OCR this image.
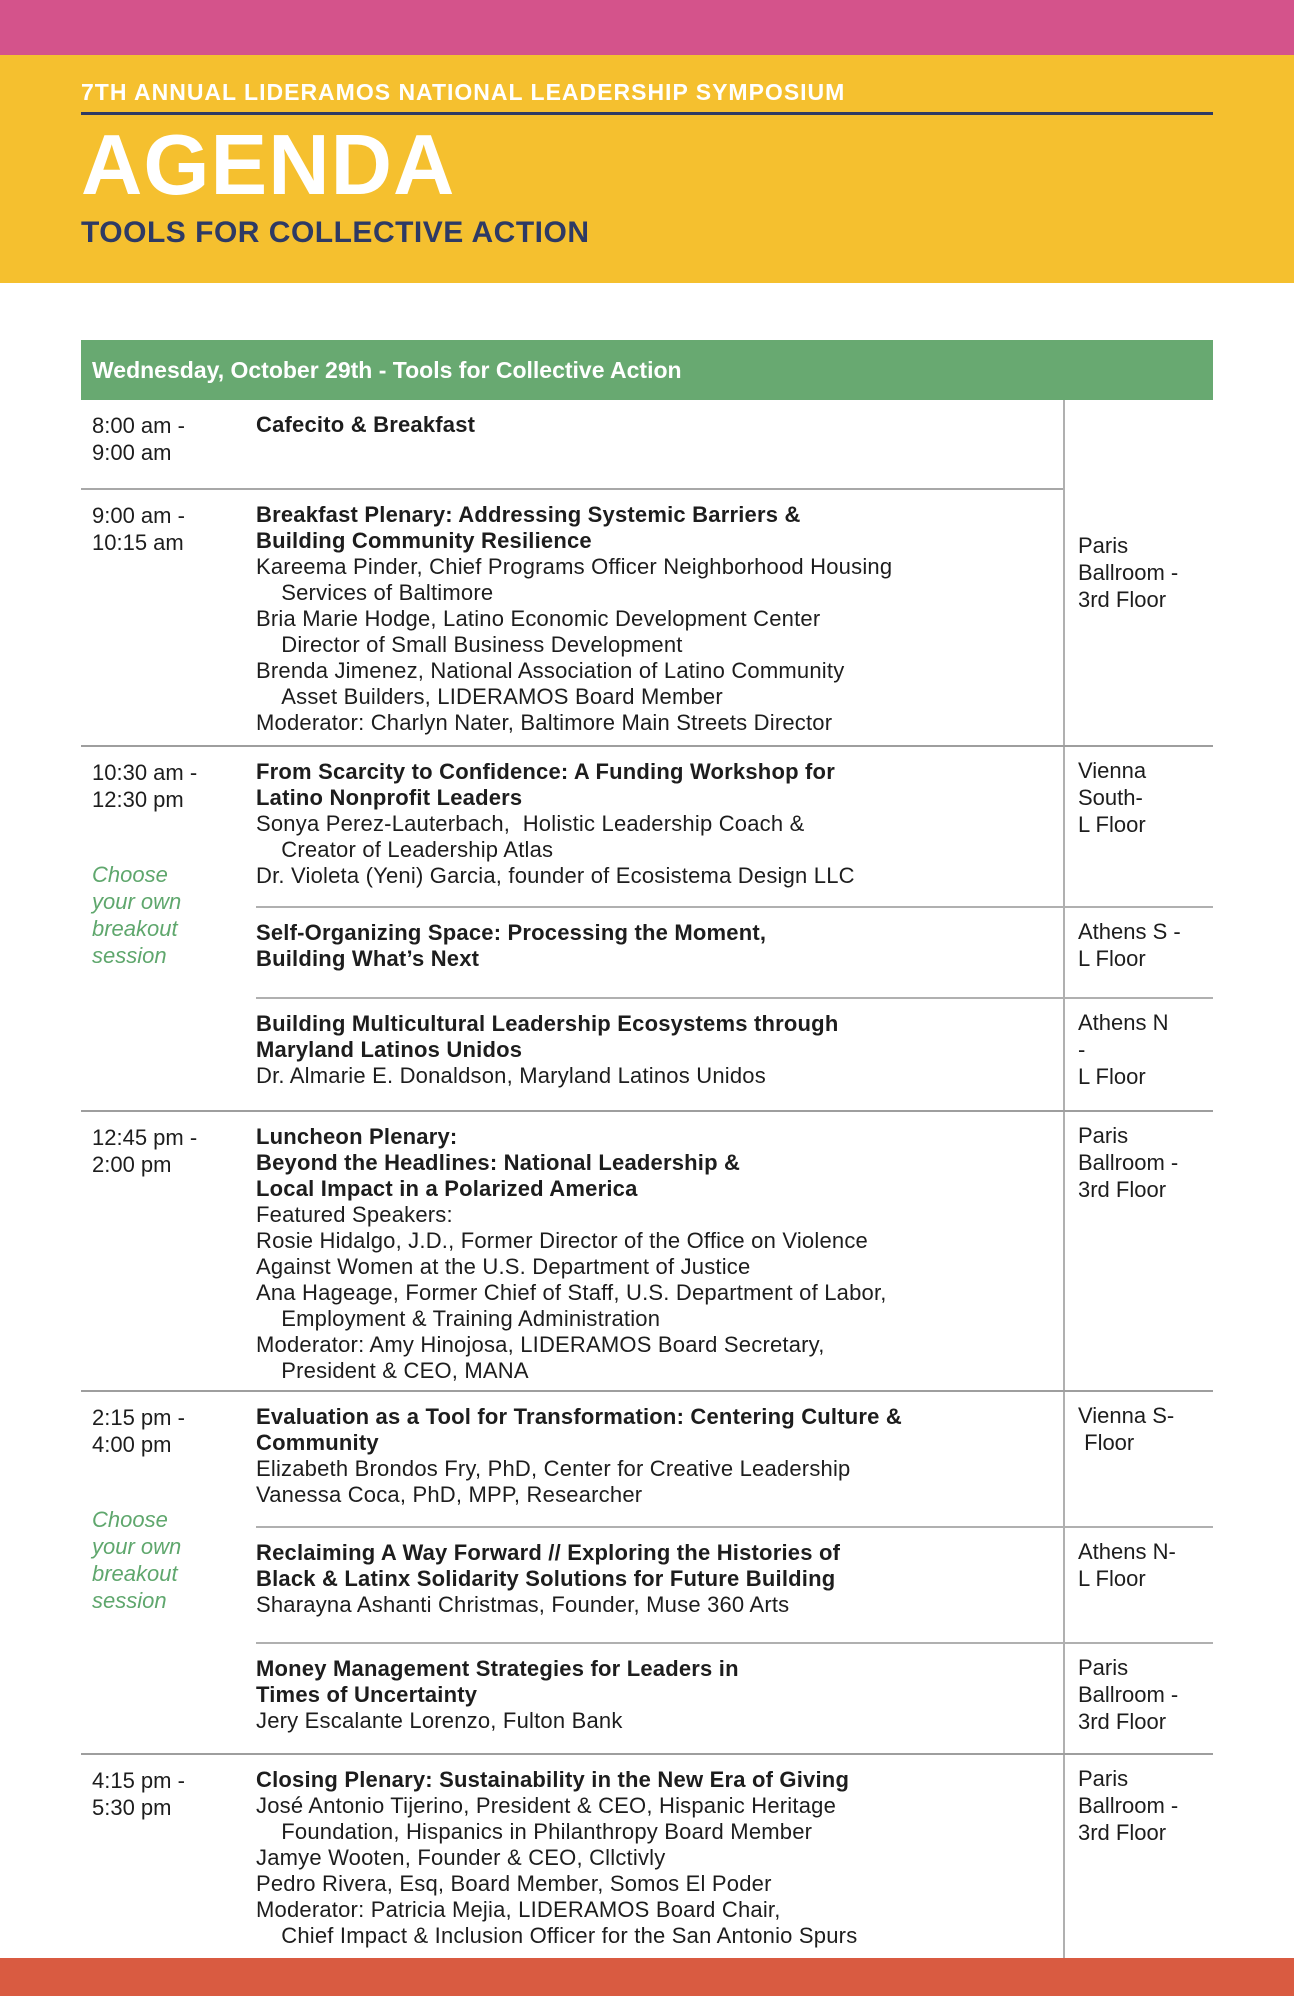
7TH ANNUAL LIDERAMOS NATIONAL LEADERSHIP SYMPOSIUM
AGENDA
TOOLS FOR COLLECTIVE ACTION
Wednesday, October 29th - Tools for Collective Action
8:00 am -
9:00 am
Cafecito & Breakfast
9:00 am -
10:15 am
Breakfast Plenary: Addressing Systemic Barriers &
Building Community Resilience
Kareema Pinder, Chief Programs Officer Neighborhood Housing
Services of Baltimore
Bria Marie Hodge, Latino Economic Development Center
Director of Small Business Development
Brenda Jimenez, National Association of Latino Community
Asset Builders, LIDERAMOS Board Member
Moderator: Charlyn Nater, Baltimore Main Streets Director
Paris
Ballroom -
3rd Floor
10:30 am -
12:30 pm
Choose
your own
breakout
session
From Scarcity to Confidence: A Funding Workshop for
Latino Nonprofit Leaders
Sonya Perez-Lauterbach,  Holistic Leadership Coach &
Creator of Leadership Atlas
Dr. Violeta (Yeni) Garcia, founder of Ecosistema Design LLC
Vienna
South-
L Floor
Self-Organizing Space: Processing the Moment,
Building What’s Next
Athens S -
L Floor
Building Multicultural Leadership Ecosystems through
Maryland Latinos Unidos
Dr. Almarie E. Donaldson, Maryland Latinos Unidos
Athens N
-
L Floor
12:45 pm -
2:00 pm
Luncheon Plenary:
Beyond the Headlines: National Leadership &
Local Impact in a Polarized America
Featured Speakers:
Rosie Hidalgo, J.D., Former Director of the Office on Violence
Against Women at the U.S. Department of Justice
Ana Hageage, Former Chief of Staff, U.S. Department of Labor,
Employment & Training Administration
Moderator: Amy Hinojosa, LIDERAMOS Board Secretary,
President & CEO, MANA
Paris
Ballroom -
3rd Floor
2:15 pm -
4:00 pm
Choose
your own
breakout
session
Evaluation as a Tool for Transformation: Centering Culture &
Community
Elizabeth Brondos Fry, PhD, Center for Creative Leadership
Vanessa Coca, PhD, MPP, Researcher
Vienna S-
Floor
Reclaiming A Way Forward // Exploring the Histories of
Black & Latinx Solidarity Solutions for Future Building
Sharayna Ashanti Christmas, Founder, Muse 360 Arts
Athens N-
L Floor
Money Management Strategies for Leaders in
Times of Uncertainty
Jery Escalante Lorenzo, Fulton Bank
Paris
Ballroom -
3rd Floor
4:15 pm -
5:30 pm
Closing Plenary: Sustainability in the New Era of Giving
José Antonio Tijerino, President & CEO, Hispanic Heritage
Foundation, Hispanics in Philanthropy Board Member
Jamye Wooten, Founder & CEO, Cllctivly
Pedro Rivera, Esq, Board Member, Somos El Poder
Moderator: Patricia Mejia, LIDERAMOS Board Chair,
Chief Impact & Inclusion Officer for the San Antonio Spurs
Paris
Ballroom -
3rd Floor
